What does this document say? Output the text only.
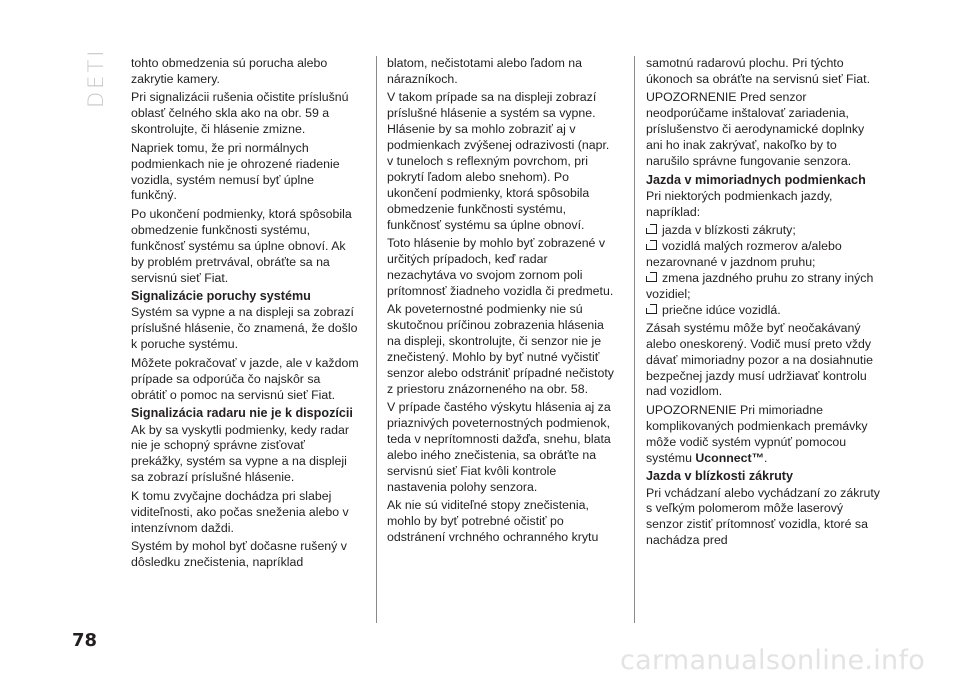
DETI tohto obmedzenia sú porucha alebo zakrytie kamery.

Pri signalizácii rušenia očistite príslušnú oblasť čelného skla ako na obr. 59 a skontrolujte, či hlásenie zmizne.

Napriek tomu, že pri normálnych podmienkach nie je ohrozené riadenie vozidla, systém nemusí byť úplne funkčný.

Po ukončení podmienky, ktorá spôsobila obmedzenie funkčnosti systému, funkčnosť systému sa úplne obnoví. Ak by problém pretrvával, obráťte sa na servisnú sieť Fiat.

Signalizácie poruchy systému

Systém sa vypne a na displeji sa zobrazí príslušné hlásenie, čo znamená, že došlo k poruche systému.

Môžete pokračovať v jazde, ale v každom prípade sa odporúča čo najskôr sa obrátiť o pomoc na servisnú sieť Fiat.

Signalizácia radaru nie je k dispozícii

Ak by sa vyskytli podmienky, kedy radar nie je schopný správne zisťovať prekážky, systém sa vypne a na displeji sa zobrazí príslušné hlásenie.

K tomu zvyčajne dochádza pri slabej viditeľnosti, ako počas sneženia alebo v intenzívnom daždi.

Systém by mohol byť dočasne rušený v dôsledku znečistenia, napríklad

blatom, nečistotami alebo ľadom na nárazníkoch.

V takom prípade sa na displeji zobrazí príslušné hlásenie a systém sa vypne. Hlásenie by sa mohlo zobraziť aj v podmienkach zvýšenej odrazivosti (napr. v tuneloch s reflexným povrchom, pri pokrytí ľadom alebo snehom). Po ukončení podmienky, ktorá spôsobila obmedzenie funkčnosti systému, funkčnosť systému sa úplne obnoví.

Toto hlásenie by mohlo byť zobrazené v určitých prípadoch, keď radar nezachytáva vo svojom zornom poli prítomnosť žiadneho vozidla či predmetu.

Ak poveternostné podmienky nie sú skutočnou príčinou zobrazenia hlásenia na displeji, skontrolujte, či senzor nie je znečistený. Mohlo by byť nutné vyčistiť senzor alebo odstrániť prípadné nečistoty z priestoru znázorneného na obr. 58.

V prípade častého výskytu hlásenia aj za priaznivých poveternostných podmienok, teda v neprítomnosti dažďa, snehu, blata alebo iného znečistenia, sa obráťte na servisnú sieť Fiat kvôli kontrole nastavenia polohy senzora.

Ak nie sú viditeľné stopy znečistenia, mohlo by byť potrebné očistiť po odstránení vrchného ochranného krytu

samotnú radarovú plochu. Pri týchto úkonoch sa obráťte na servisnú sieť Fiat.

UPOZORNENIE Pred senzor neodporúčame inštalovať zariadenia, príslušenstvo či aerodynamické doplnky ani ho inak zakrývať, nakoľko by to narušilo správne fungovanie senzora.

Jazda v mimoriadnych podmienkach

Pri niektorých podmienkach jazdy, napríklad:

jazda v blízkosti zákruty;
vozidlá malých rozmerov a/alebo nezarovnané v jazdnom pruhu;
zmena jazdného pruhu zo strany iných vozidiel;
priečne idúce vozidlá.

Zásah systému môže byť neočakávaný alebo oneskorený. Vodič musí preto vždy dávať mimoriadny pozor a na dosiahnutie bezpečnej jazdy musí udržiavať kontrolu nad vozidlom.

UPOZORNENIE Pri mimoriadne komplikovaných podmienkach premávky môže vodič systém vypnúť pomocou systému Uconnect™.

Jazda v blízkosti zákruty

Pri vchádzaní alebo vychádzaní zo zákruty s veľkým polomerom môže laserový senzor zistiť prítomnosť vozidla, ktoré sa nachádza pred

78
carmanualsonline.info
